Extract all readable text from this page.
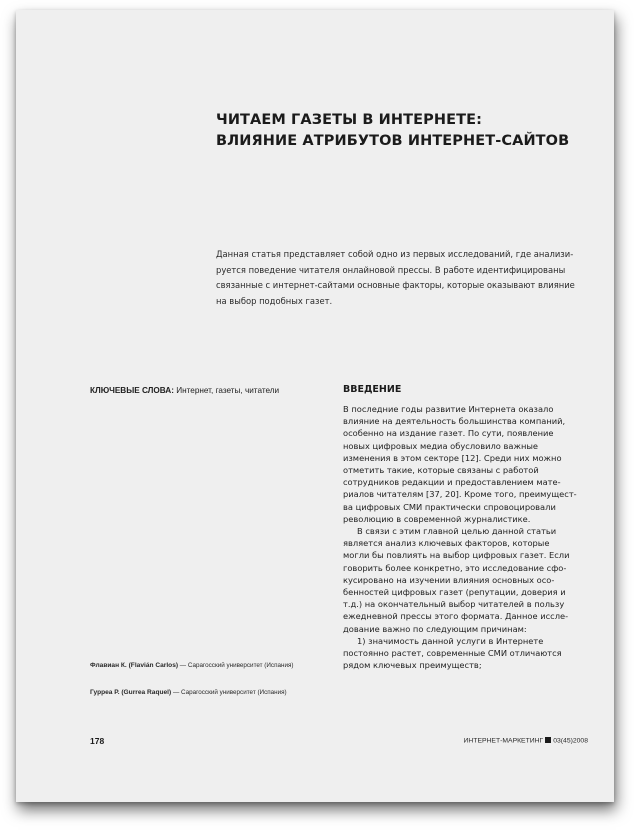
ЧИТАЕМ ГАЗЕТЫ В ИНТЕРНЕТЕ:
ВЛИЯНИЕ АТРИБУТОВ ИНТЕРНЕТ-САЙТОВ
Данная статья представляет собой одно из первых исследований, где анализи-
руется поведение читателя онлайновой прессы. В работе идентифицированы
связанные с интернет-сайтами основные факторы, которые оказывают влияние
на выбор подобных газет.
КЛЮЧЕВЫЕ СЛОВА: Интернет, газеты, читатели	ВВЕДЕНИЕ
В последние годы развитие Интернета оказало
влияние на деятельность большинства компаний,
особенно на издание газет. По сути, появление
новых цифровых медиа обусловило важные
изменения в этом секторе [12]. Среди них можно
отметить такие, которые связаны с работой
сотрудников редакции и предоставлением мате-
риалов читателям [37, 20]. Кроме того, преимущест-
ва цифровых СМИ практически спровоцировали
революцию в современной журналистике.
В связи с этим главной целью данной статьи
является анализ ключевых факторов, которые
могли бы повлиять на выбор цифровых газет. Если
говорить более конкретно, это исследование сфо-
кусировано на изучении влияния основных осо-
бенностей цифровых газет (репутации, доверия и
т.д.) на окончательный выбор читателей в пользу
ежедневной прессы этого формата. Данное иссле-
дование важно по следующим причинам:
1) значимость данной услуги в Интернете
постоянно растет, современные СМИ отличаются
рядом ключевых преимуществ;
Флавиан К. (Flavián Carlos) — Сарагосский университет (Испания)
Гурреа Р. (Gurrea Raquel) — Сарагосский университет (Испания)
178	ИНТЕРНЕТ-МАРКЕТИНГ 03(45)2008
